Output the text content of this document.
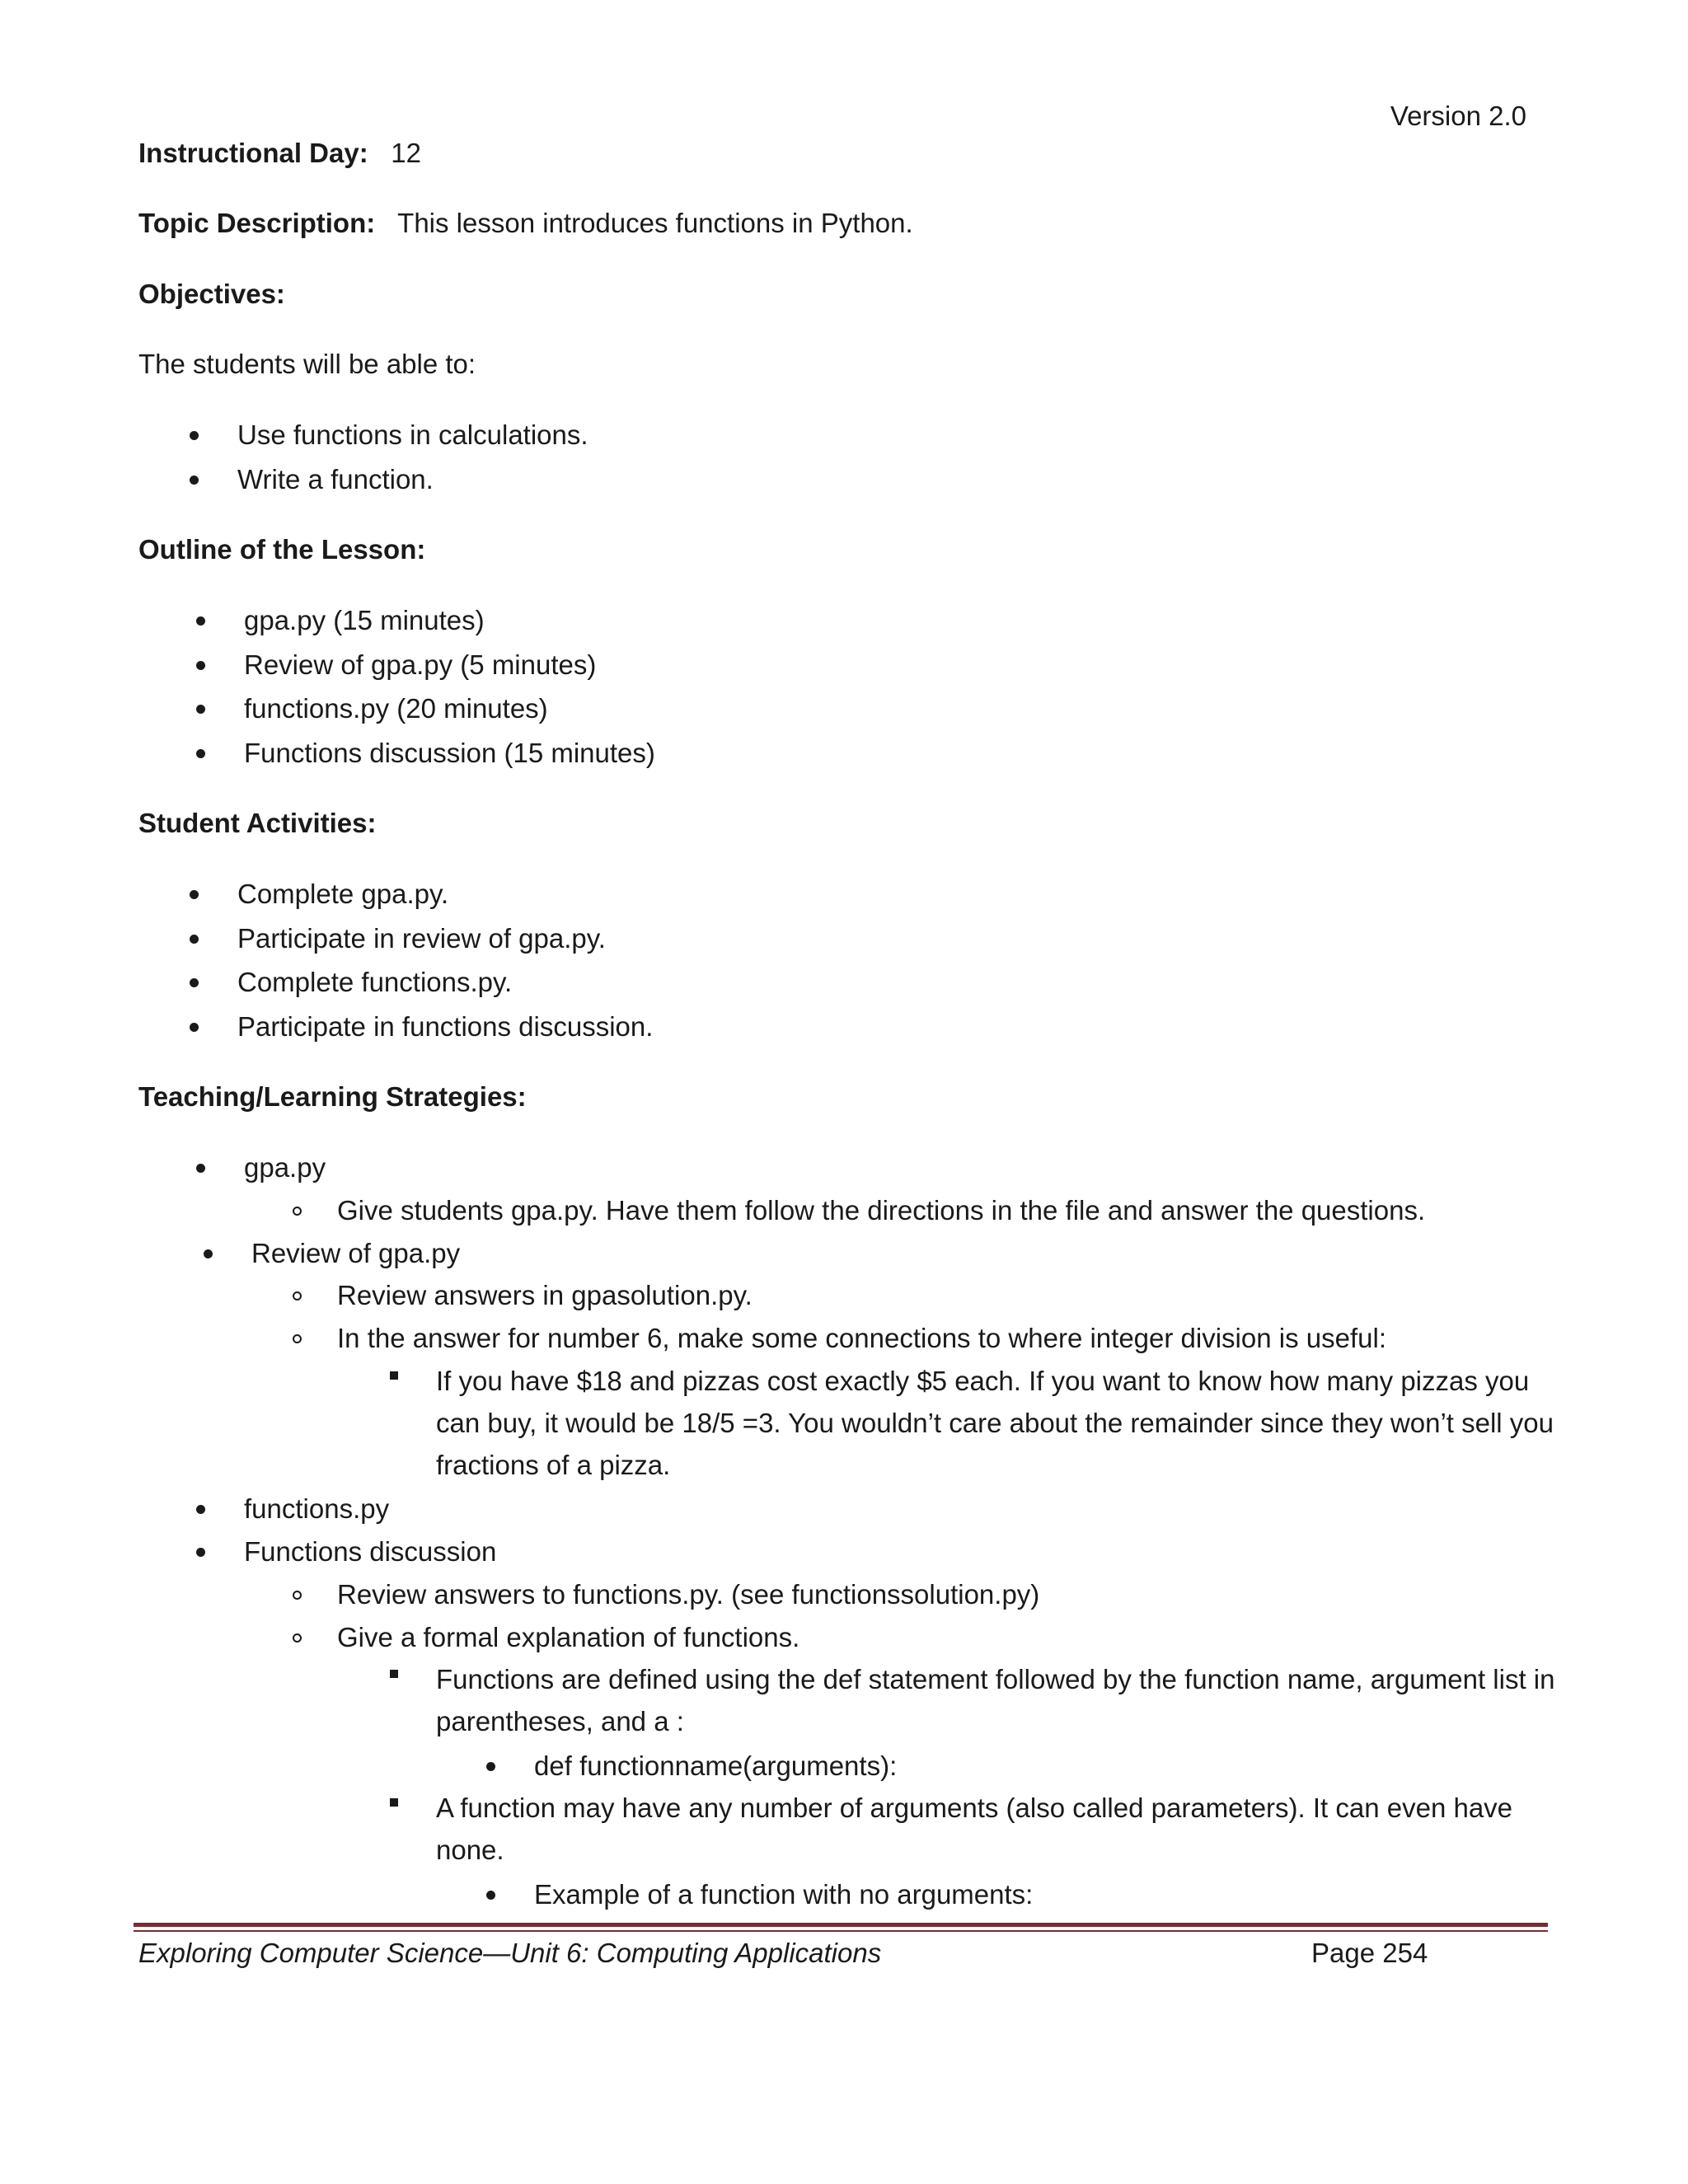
Version 2.0
Instructional Day: 12
Topic Description: This lesson introduces functions in Python.
Objectives:
The students will be able to:
Use functions in calculations.
Write a function.
Outline of the Lesson:
gpa.py (15 minutes)
Review of gpa.py (5 minutes)
functions.py (20 minutes)
Functions discussion (15 minutes)
Student Activities:
Complete gpa.py.
Participate in review of gpa.py.
Complete functions.py.
Participate in functions discussion.
Teaching/Learning Strategies:
gpa.py
Give students gpa.py. Have them follow the directions in the file and answer the questions.
Review of gpa.py
Review answers in gpasolution.py.
In the answer for number 6, make some connections to where integer division is useful:
If you have $18 and pizzas cost exactly $5 each. If you want to know how many pizzas you can buy, it would be 18/5 =3. You wouldn’t care about the remainder since they won’t sell you fractions of a pizza.
functions.py
Functions discussion
Review answers to functions.py. (see functionssolution.py)
Give a formal explanation of functions.
Functions are defined using the def statement followed by the function name, argument list in parentheses, and a :
def functionname(arguments):
A function may have any number of arguments (also called parameters). It can even have none.
Example of a function with no arguments:
Exploring Computer Science—Unit 6: Computing Applications	Page 254
